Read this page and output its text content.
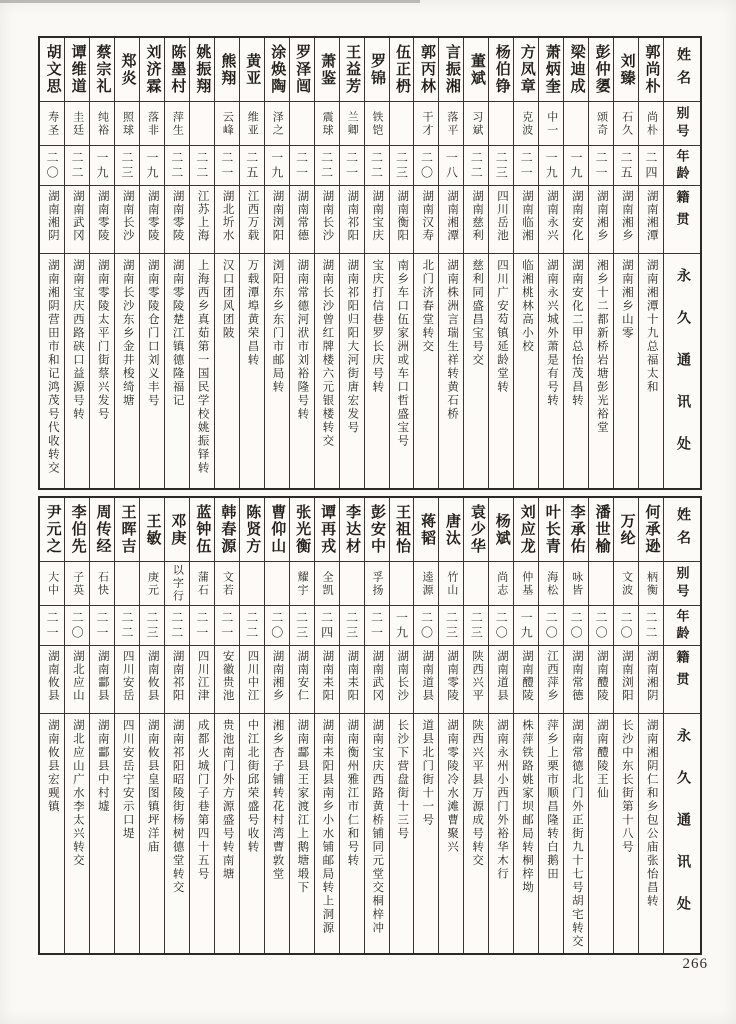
姓名
别号
年龄
籍贯
永久通讯处
郭尚朴
尚朴
二四
湖南湘潭
湖南湘潭十九总福太和
刘臻
石久
二五
湖南湘乡
湖南湘乡山零
彭仲嬃
颂奇
二一
湖南湘乡
湘乡十二都新桥岩塘彭光裕堂
梁迪成
一九
湖南安化
湖南安化二甲总怡茂昌转
萧炳奎
中一
一九
湖南永兴
湖南永兴城外萧是有号转
方凤章
克波
二一
湖南临湘
临湘桃林高小校
杨伯铮
二三
四川岳池
四川广安芶镇延龄堂转
董斌
习斌
二二
湖南慈利
慈利同盛昌宝号交
言振湘
落平
一八
湖南湘潭
湖南株洲言瑞生祥转黄石桥
郭丙林
干才
二〇
湖南汉寿
北门济春堂转交
伍正枬
二三
湖南衡阳
南乡车口伍家洲或车口哲盛宝号
罗锦
铁铠
二二
湖南宝庆
宝庆打信巷罗长庆号转
王益芳
兰卿
二一
湖南祁阳
湖南祁阳归阳大河街唐宏发号
萧鉴
震球
二二
湖南长沙
湖南长沙曾红牌楼六元银楼转交
罗泽闿
二一
湖南常德
湖南常德河洑市刘裕隆号转
涂焕陶
泽之
一九
湖南浏阳
浏阳东乡东门市邮局转
黄亚
维亚
二五
江西万载
万载潭埠黄荣昌转
熊翔
云峰
二一
湖北圻水
汉口团风团陂
姚振翔
二二
江苏上海
上海西乡真茹第一国民学校姚振铎转
陈墨村
萍生
二二
湖南零陵
湖南零陵楚江镇德隆福记
刘济霖
落非
一九
湖南零陵
湖南零陵仓门口刘义丰号
郑炎
照球
二三
湖南长沙
湖南长沙东乡金井梭绮塘
蔡宗礼
纯裕
一九
湖南零陵
湖南零陵太平门街蔡兴发号
谭维道
圭廷
二二
湖南武冈
湖南宝庆西路硖口益源号转
胡文思
寿圣
二〇
湖南湘阴
湖南湘阴营田市和记鸿茂号代收转交
姓名
别号
年龄
籍贯
永久通讯处
何承逊
柄衡
二二
湖南湘阴
湖南湘阴仁和乡包公庙张怡昌转
万纶
文波
二〇
湖南浏阳
长沙中东长街第十八号
潘世榆
二〇
湖南醴陵
湖南醴陵王仙
李承佑
咏皆
二〇
湖南常德
湖南常德北门外正街九十七号胡宅转交
叶长青
海松
二〇
江西萍乡
萍乡上栗市顺昌隆转白鹅田
刘应龙
仲基
一九
湖南醴陵
株萍铁路姚家坝邮局转桐梓坳
杨斌
尚志
二〇
湖南道县
湖南永州小西门外裕华木行
袁少华
二三
陕西兴平
陕西兴平县万源成号转交
唐汰
竹山
二三
湖南零陵
湖南零陵冷水滩曹聚兴
蒋韬
逵源
二〇
湖南道县
道县北门街十一号
王祖怡
一九
湖南长沙
长沙下营盘街十三号
彭安中
孚扬
二一
湖南武冈
湖南宝庆西路黄桥铺同元堂交桐梓冲
李达材
二三
湖南耒阳
湖南衡州雅江市仁和号转
谭再戎
全凯
二四
湖南耒阳
湖南耒阳县南乡小水铺邮局转上洞源
张光衡
耀宇
二三
湖南安仁
湖南酃县王家渡江上鹅塘塅下
曹仰山
二〇
湖南湘乡
湘乡杏子铺转花村湾曹敦堂
陈贤方
二二
四川中江
中江北街邱荣盛号收转
韩春源
文若
二一
安徽贵池
贵池南门外方源盛号转南塘
蓝钟伍
蒲石
二一
四川江津
成都火城门子巷第四十五号
邓庚
以字行
二二
湖南祁阳
湖南祁阳昭陵街杨树德堂转交
王敏
庚元
二三
湖南攸县
湖南攸县皇图镇坪洋庙
王晖吉
二二
四川安岳
四川安岳宁安示口堤
周传经
石快
二一
湖南酃县
湖南酃县中村墟
李伯先
子英
二〇
湖北应山
湖北应山广水李太兴转交
尹元之
大中
二一
湖南攸县
湖南攸县宏觋镇
266
